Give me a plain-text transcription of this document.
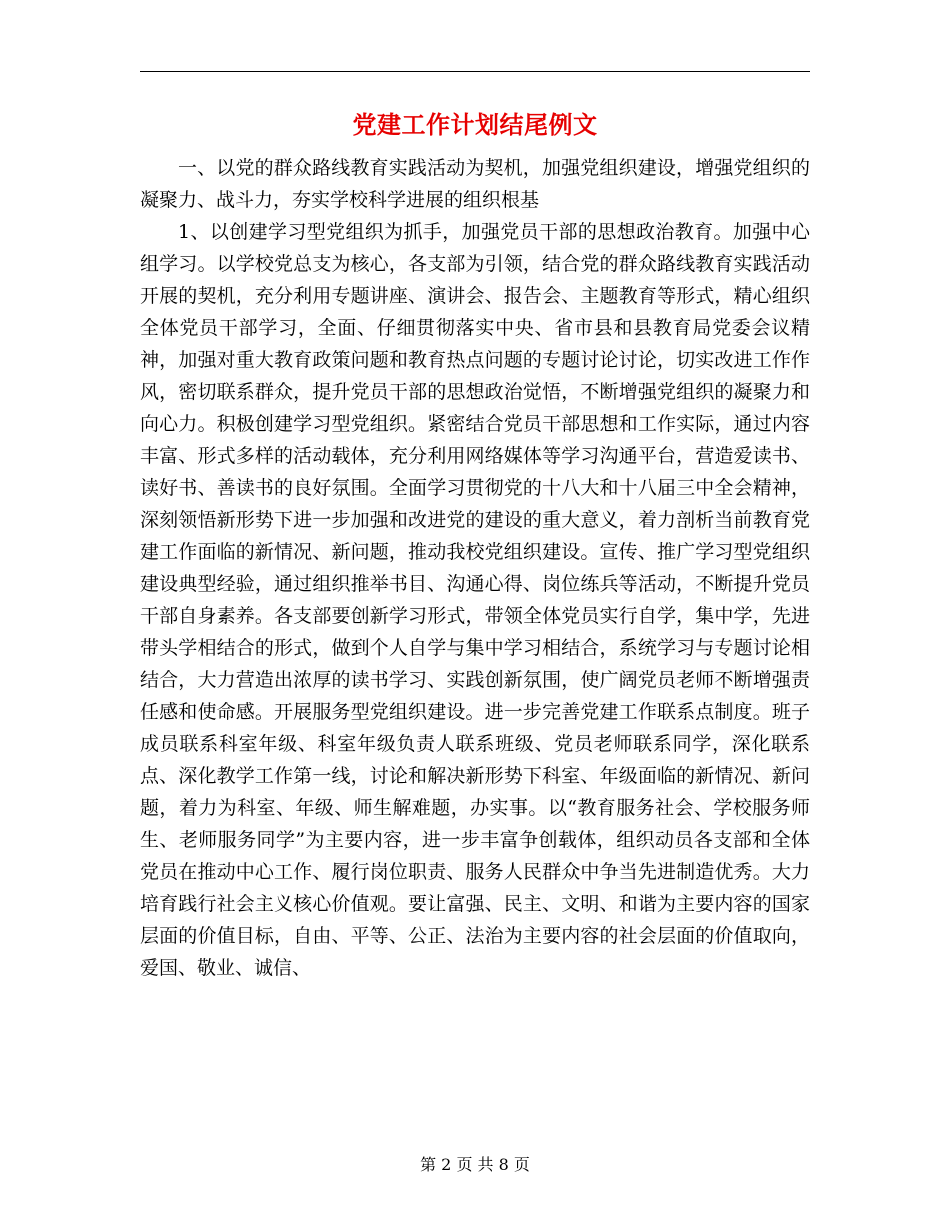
党建工作计划结尾例文

一、以党的群众路线教育实践活动为契机，加强党组织建设，增强党组织的凝聚力、战斗力，夯实学校科学进展的组织根基

1、以创建学习型党组织为抓手，加强党员干部的思想政治教育。加强中心组学习。以学校党总支为核心，各支部为引领，结合党的群众路线教育实践活动开展的契机，充分利用专题讲座、演讲会、报告会、主题教育等形式，精心组织全体党员干部学习，全面、仔细贯彻落实中央、省市县和县教育局党委会议精神，加强对重大教育政策问题和教育热点问题的专题讨论讨论，切实改进工作作风，密切联系群众，提升党员干部的思想政治觉悟，不断增强党组织的凝聚力和向心力。积极创建学习型党组织。紧密结合党员干部思想和工作实际，通过内容丰富、形式多样的活动载体，充分利用网络媒体等学习沟通平台，营造爱读书、读好书、善读书的良好氛围。全面学习贯彻党的十八大和十八届三中全会精神，深刻领悟新形势下进一步加强和改进党的建设的重大意义，着力剖析当前教育党建工作面临的新情况、新问题，推动我校党组织建设。宣传、推广学习型党组织建设典型经验，通过组织推举书目、沟通心得、岗位练兵等活动，不断提升党员干部自身素养。各支部要创新学习形式，带领全体党员实行自学，集中学，先进带头学相结合的形式，做到个人自学与集中学习相结合，系统学习与专题讨论相结合，大力营造出浓厚的读书学习、实践创新氛围，使广阔党员老师不断增强责任感和使命感。开展服务型党组织建设。进一步完善党建工作联系点制度。班子成员联系科室年级、科室年级负责人联系班级、党员老师联系同学，深化联系点、深化教学工作第一线，讨论和解决新形势下科室、年级面临的新情况、新问题，着力为科室、年级、师生解难题，办实事。以“教育服务社会、学校服务师生、老师服务同学”为主要内容，进一步丰富争创载体，组织动员各支部和全体党员在推动中心工作、履行岗位职责、服务人民群众中争当先进制造优秀。大力培育践行社会主义核心价值观。要让富强、民主、文明、和谐为主要内容的国家层面的价值目标，自由、平等、公正、法治为主要内容的社会层面的价值取向，爱国、敬业、诚信、

第 2 页 共 8 页
